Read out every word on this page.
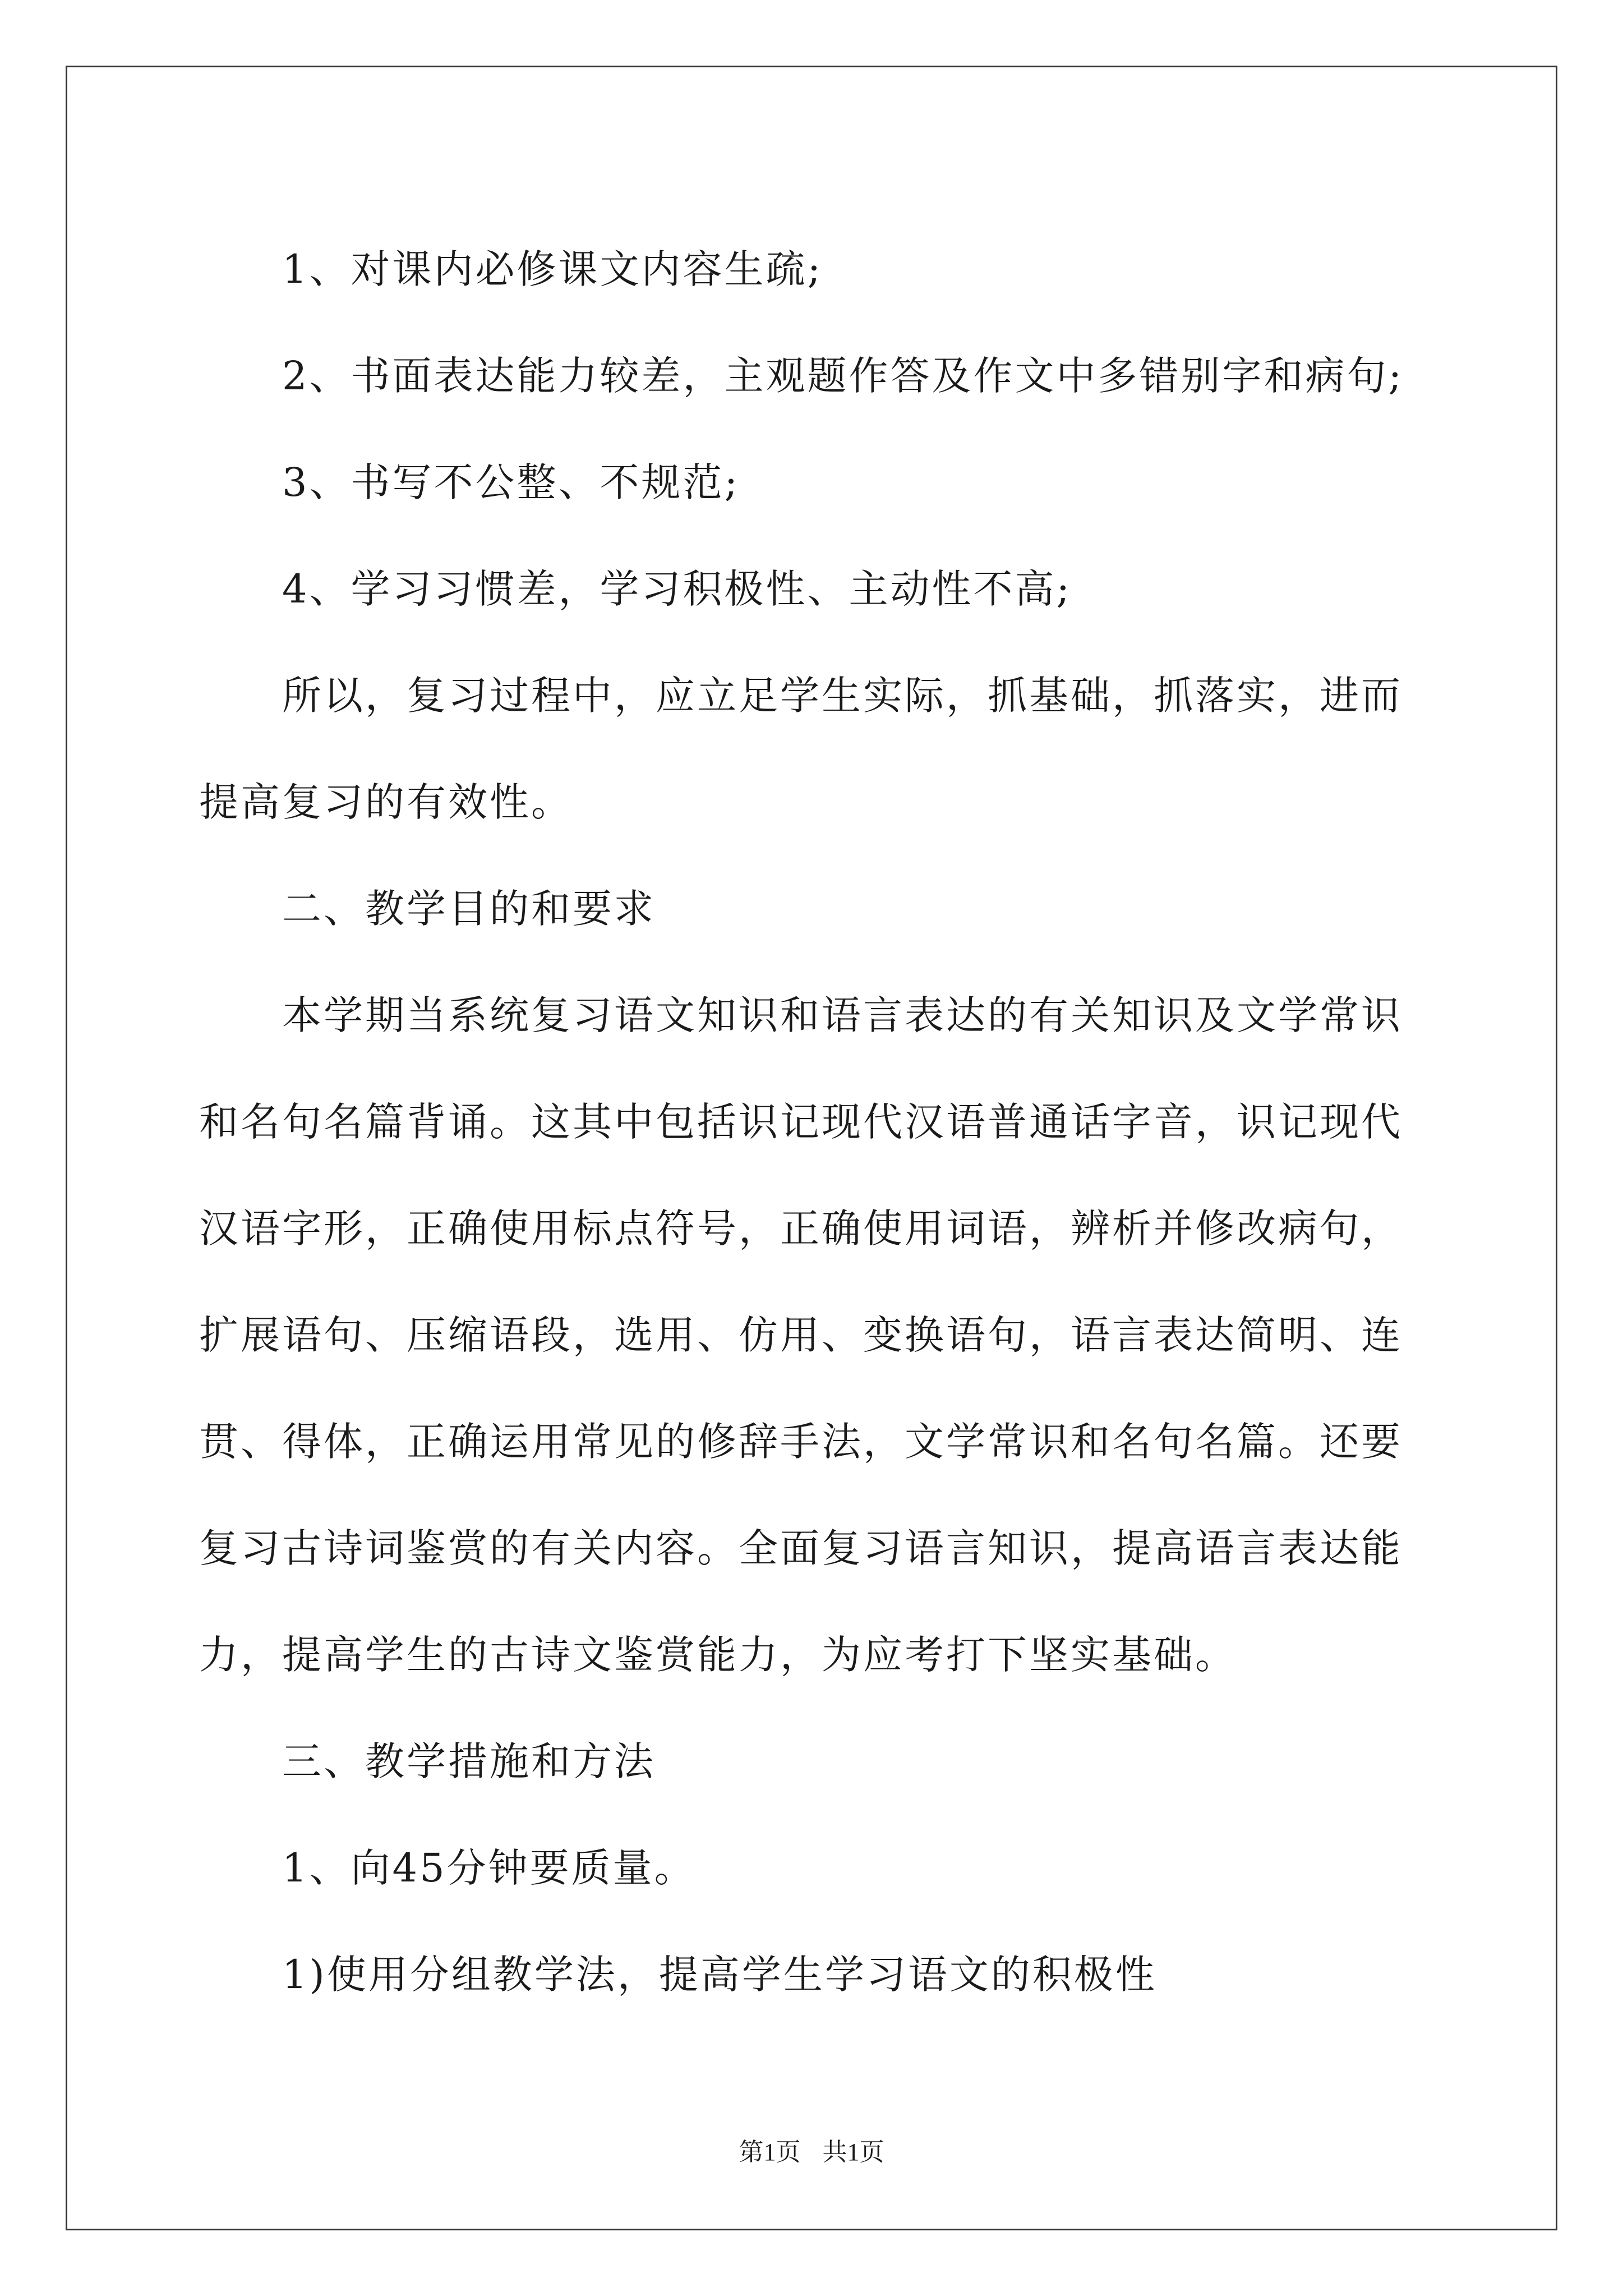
1、对课内必修课文内容生疏;

2、书面表达能力较差，主观题作答及作文中多错别字和病句;

3、书写不公整、不规范;

4、学习习惯差，学习积极性、主动性不高;

所以，复习过程中，应立足学生实际，抓基础，抓落实，进而提高复习的有效性。

二、教学目的和要求

本学期当系统复习语文知识和语言表达的有关知识及文学常识和名句名篇背诵。这其中包括识记现代汉语普通话字音，识记现代汉语字形，正确使用标点符号，正确使用词语，辨析并修改病句，扩展语句、压缩语段，选用、仿用、变换语句，语言表达简明、连贯、得体，正确运用常见的修辞手法，文学常识和名句名篇。还要复习古诗词鉴赏的有关内容。全面复习语言知识，提高语言表达能力，提高学生的古诗文鉴赏能力，为应考打下坚实基础。

三、教学措施和方法

1、向45分钟要质量。

1)使用分组教学法，提高学生学习语文的积极性

第1页 共1页
